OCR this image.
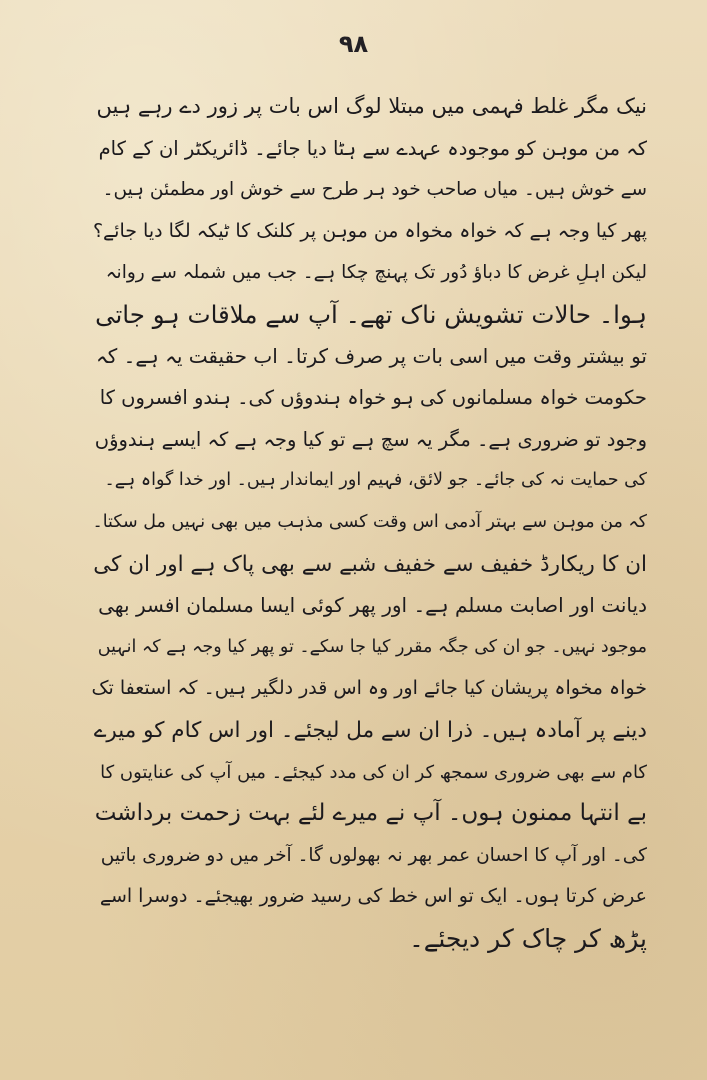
۹۸
نیک مگر غلط فہمی میں مبتلا لوگ اس بات پر زور دے رہے ہیں
کہ من موہن کو موجودہ عہدے سے ہٹا دیا جائے۔ ڈائریکٹر ان کے کام
سے خوش ہیں۔ میاں صاحب خود ہر طرح سے خوش اور مطمئن ہیں۔
پھر کیا وجہ ہے کہ خواہ مخواہ من موہن پر کلنک کا ٹیکہ لگا دیا جائے؟
لیکن اہلِ غرض کا دباؤ دُور تک پہنچ چکا ہے۔ جب میں شملہ سے روانہ
ہوا۔ حالات تشویش ناک تھے۔ آپ سے ملاقات ہو جاتی
تو بیشتر وقت میں اسی بات پر صرف کرتا۔ اب حقیقت یہ ہے۔ کہ
حکومت خواہ مسلمانوں کی ہو خواہ ہندوؤں کی۔ ہندو افسروں کا
وجود تو ضروری ہے۔ مگر یہ سچ ہے تو کیا وجہ ہے کہ ایسے ہندوؤں
کی حمایت نہ کی جائے۔ جو لائق، فہیم اور ایماندار ہیں۔ اور خدا گواہ ہے۔
کہ من موہن سے بہتر آدمی اس وقت کسی مذہب میں بھی نہیں مل سکتا۔
ان کا ریکارڈ خفیف سے خفیف شبے سے بھی پاک ہے اور ان کی
دیانت اور اصابت مسلم ہے۔ اور پھر کوئی ایسا مسلمان افسر بھی
موجود نہیں۔ جو ان کی جگہ مقرر کیا جا سکے۔ تو پھر کیا وجہ ہے کہ انہیں
خواہ مخواہ پریشان کیا جائے اور وہ اس قدر دلگیر ہیں۔ کہ استعفا تک
دینے پر آمادہ ہیں۔ ذرا ان سے مل لیجئے۔ اور اس کام کو میرے
کام سے بھی ضروری سمجھ کر ان کی مدد کیجئے۔ میں آپ کی عنایتوں کا
بے انتہا ممنون ہوں۔ آپ نے میرے لئے بہت زحمت برداشت
کی۔ اور آپ کا احسان عمر بھر نہ بھولوں گا۔ آخر میں دو ضروری باتیں
عرض کرتا ہوں۔ ایک تو اس خط کی رسید ضرور بھیجئے۔ دوسرا اسے
پڑھ کر چاک کر دیجئے۔
